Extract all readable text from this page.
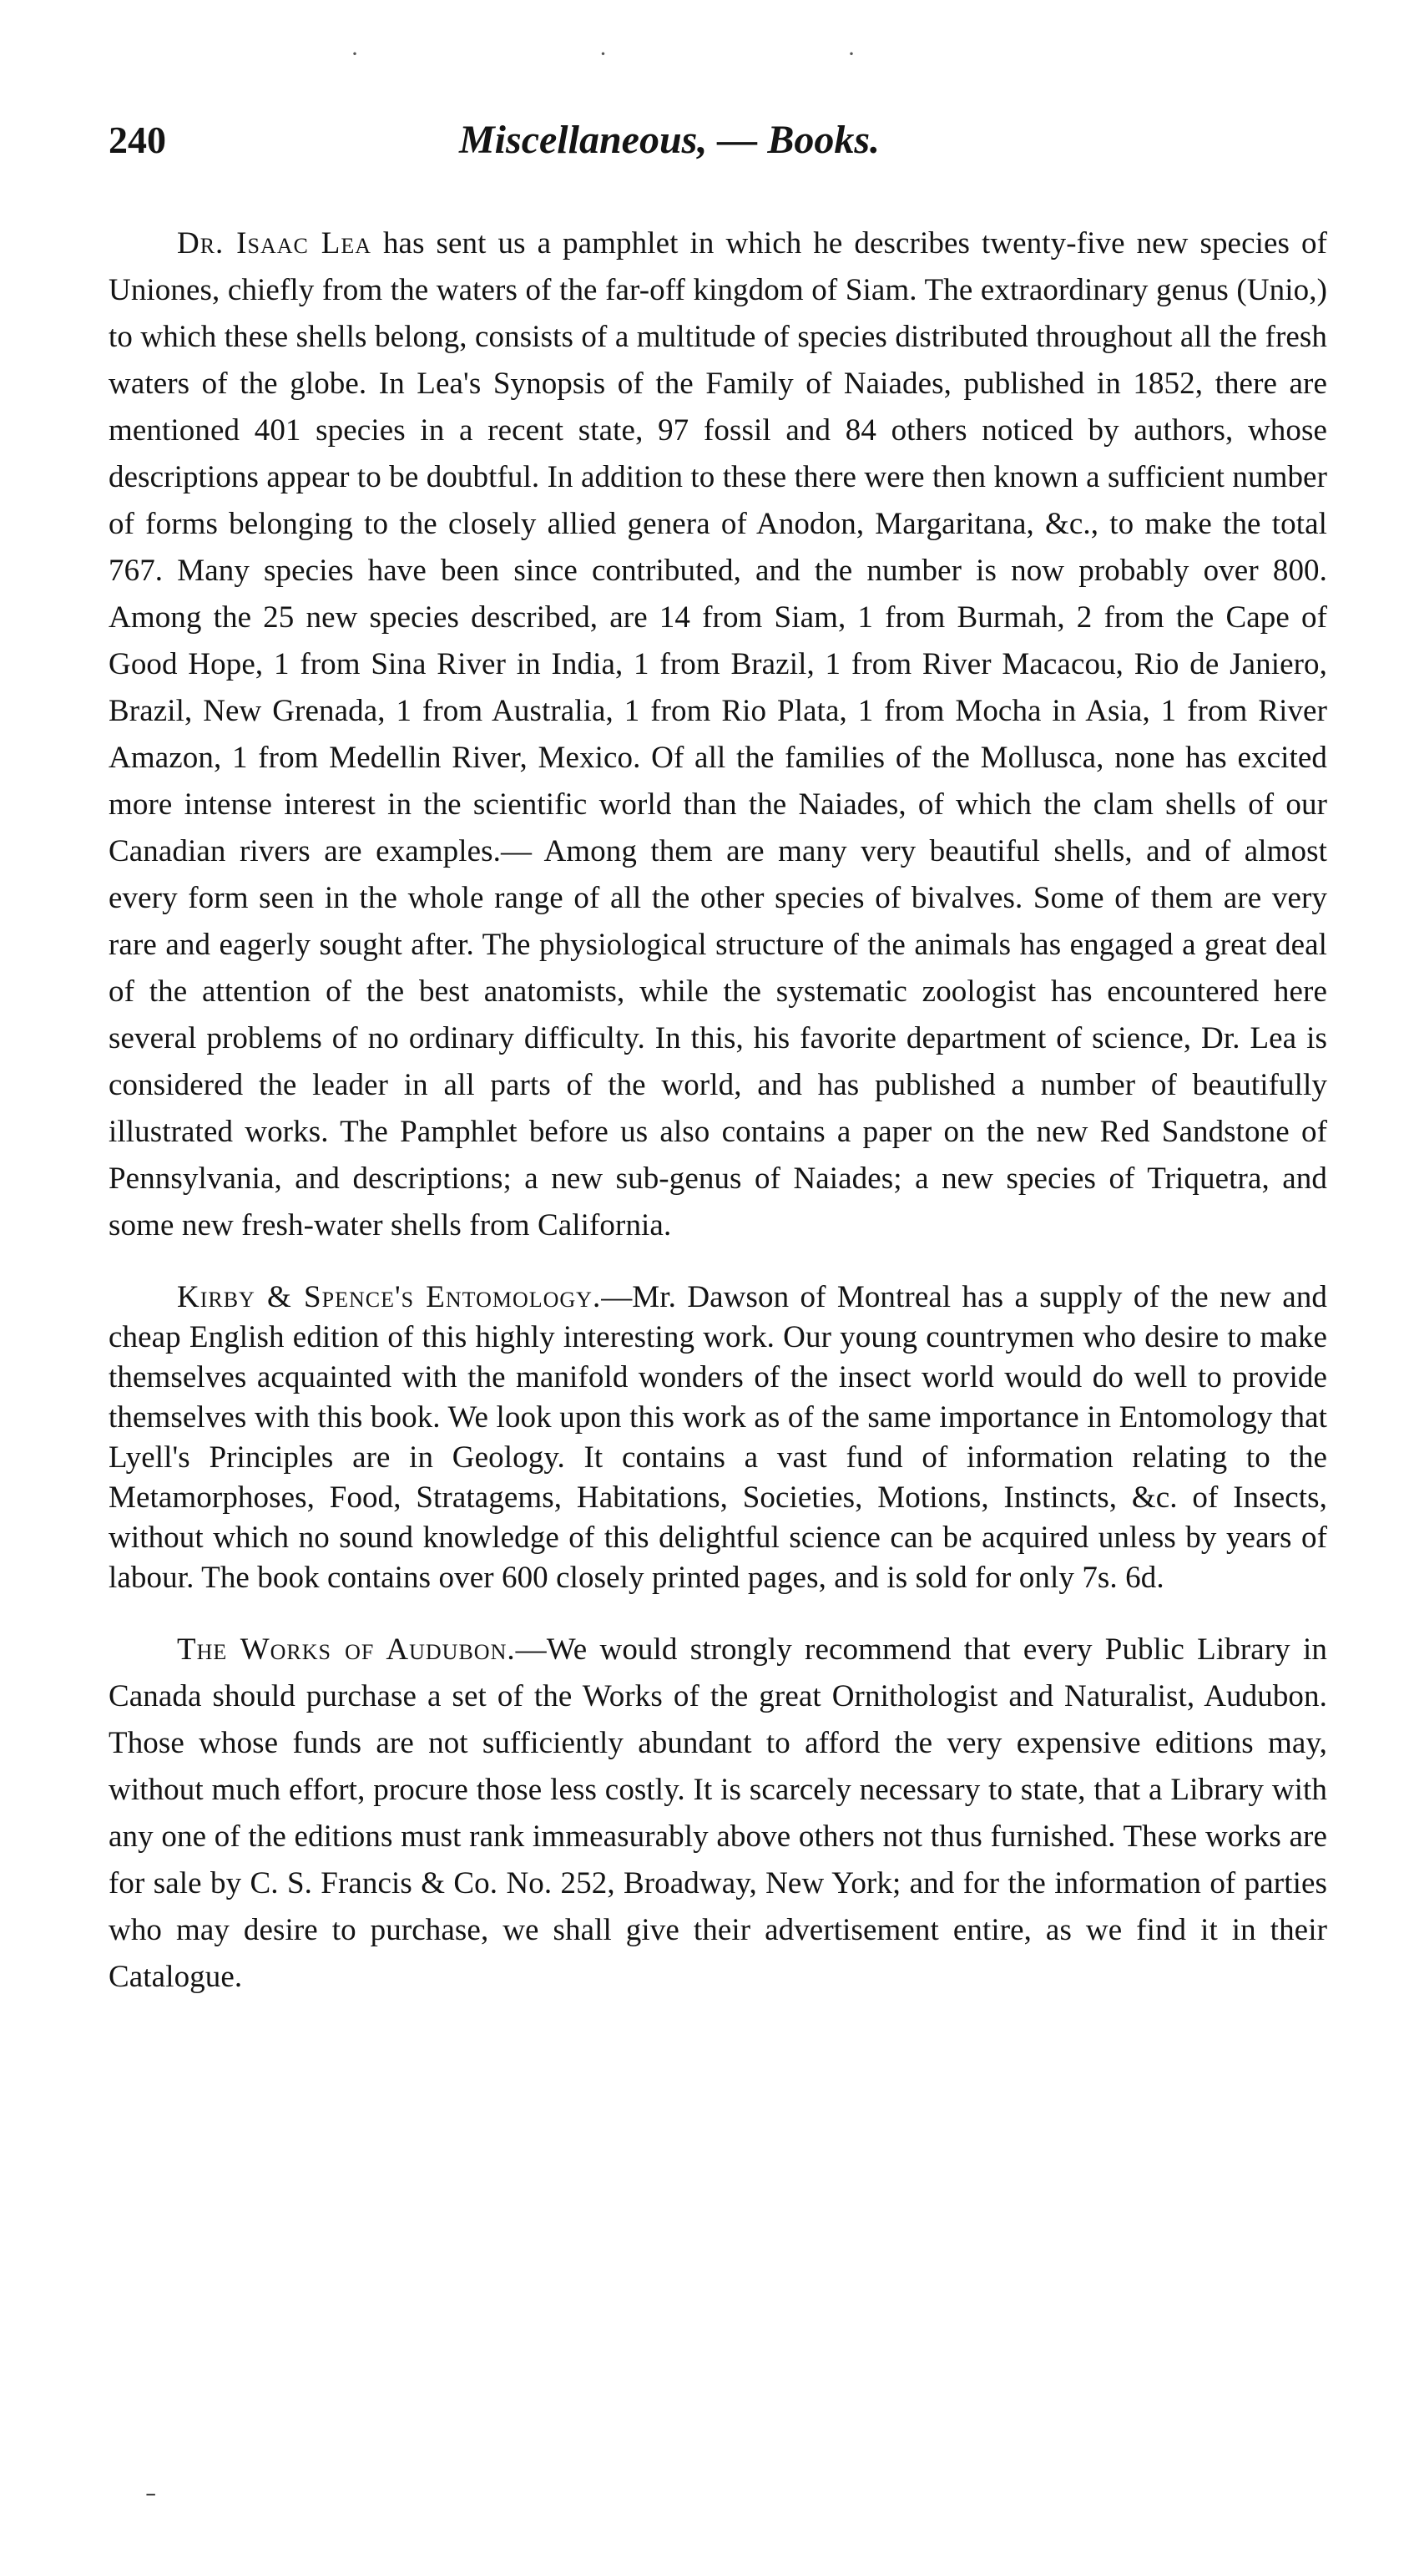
· · ·
240	Miscellaneous, — Books.

Dr. Isaac Lea has sent us a pamphlet in which he describes twenty-five new species of Uniones, chiefly from the waters of the far-off kingdom of Siam. The extraordinary genus (Unio,) to which these shells belong, consists of a multitude of species distributed throughout all the fresh waters of the globe. In Lea's Synopsis of the Family of Naiades, published in 1852, there are mentioned 401 species in a recent state, 97 fossil and 84 others noticed by authors, whose descriptions appear to be doubtful. In addition to these there were then known a sufficient number of forms belonging to the closely allied genera of Anodon, Margaritana, &c., to make the total 767. Many species have been since contributed, and the number is now probably over 800. Among the 25 new species described, are 14 from Siam, 1 from Burmah, 2 from the Cape of Good Hope, 1 from Sina River in India, 1 from Brazil, 1 from River Macacou, Rio de Janiero, Brazil, New Grenada, 1 from Australia, 1 from Rio Plata, 1 from Mocha in Asia, 1 from River Amazon, 1 from Medellin River, Mexico. Of all the families of the Mollusca, none has excited more intense interest in the scientific world than the Naiades, of which the clam shells of our Canadian rivers are examples.— Among them are many very beautiful shells, and of almost every form seen in the whole range of all the other species of bivalves. Some of them are very rare and eagerly sought after. The physiological structure of the animals has engaged a great deal of the attention of the best anatomists, while the systematic zoologist has encountered here several problems of no ordinary difficulty. In this, his favorite department of science, Dr. Lea is considered the leader in all parts of the world, and has published a number of beautifully illustrated works. The Pamphlet before us also contains a paper on the new Red Sandstone of Pennsylvania, and descriptions; a new sub-genus of Naiades; a new species of Triquetra, and some new fresh-water shells from California.

Kirby & Spence's Entomology.—Mr. Dawson of Montreal has a supply of the new and cheap English edition of this highly interesting work. Our young countrymen who desire to make themselves acquainted with the manifold wonders of the insect world would do well to provide themselves with this book. We look upon this work as of the same importance in Entomology that Lyell's Principles are in Geology. It contains a vast fund of information relating to the Metamorphoses, Food, Stratagems, Habitations, Societies, Motions, Instincts, &c. of Insects, without which no sound knowledge of this delightful science can be acquired unless by years of labour. The book contains over 600 closely printed pages, and is sold for only 7s. 6d.

The Works of Audubon.—We would strongly recommend that every Public Library in Canada should purchase a set of the Works of the great Ornithologist and Naturalist, Audubon. Those whose funds are not sufficiently abundant to afford the very expensive editions may, without much effort, procure those less costly. It is scarcely necessary to state, that a Library with any one of the editions must rank immeasurably above others not thus furnished. These works are for sale by C. S. Francis & Co. No. 252, Broadway, New York; and for the information of parties who may desire to purchase, we shall give their advertisement entire, as we find it in their Catalogue.

ˍ
